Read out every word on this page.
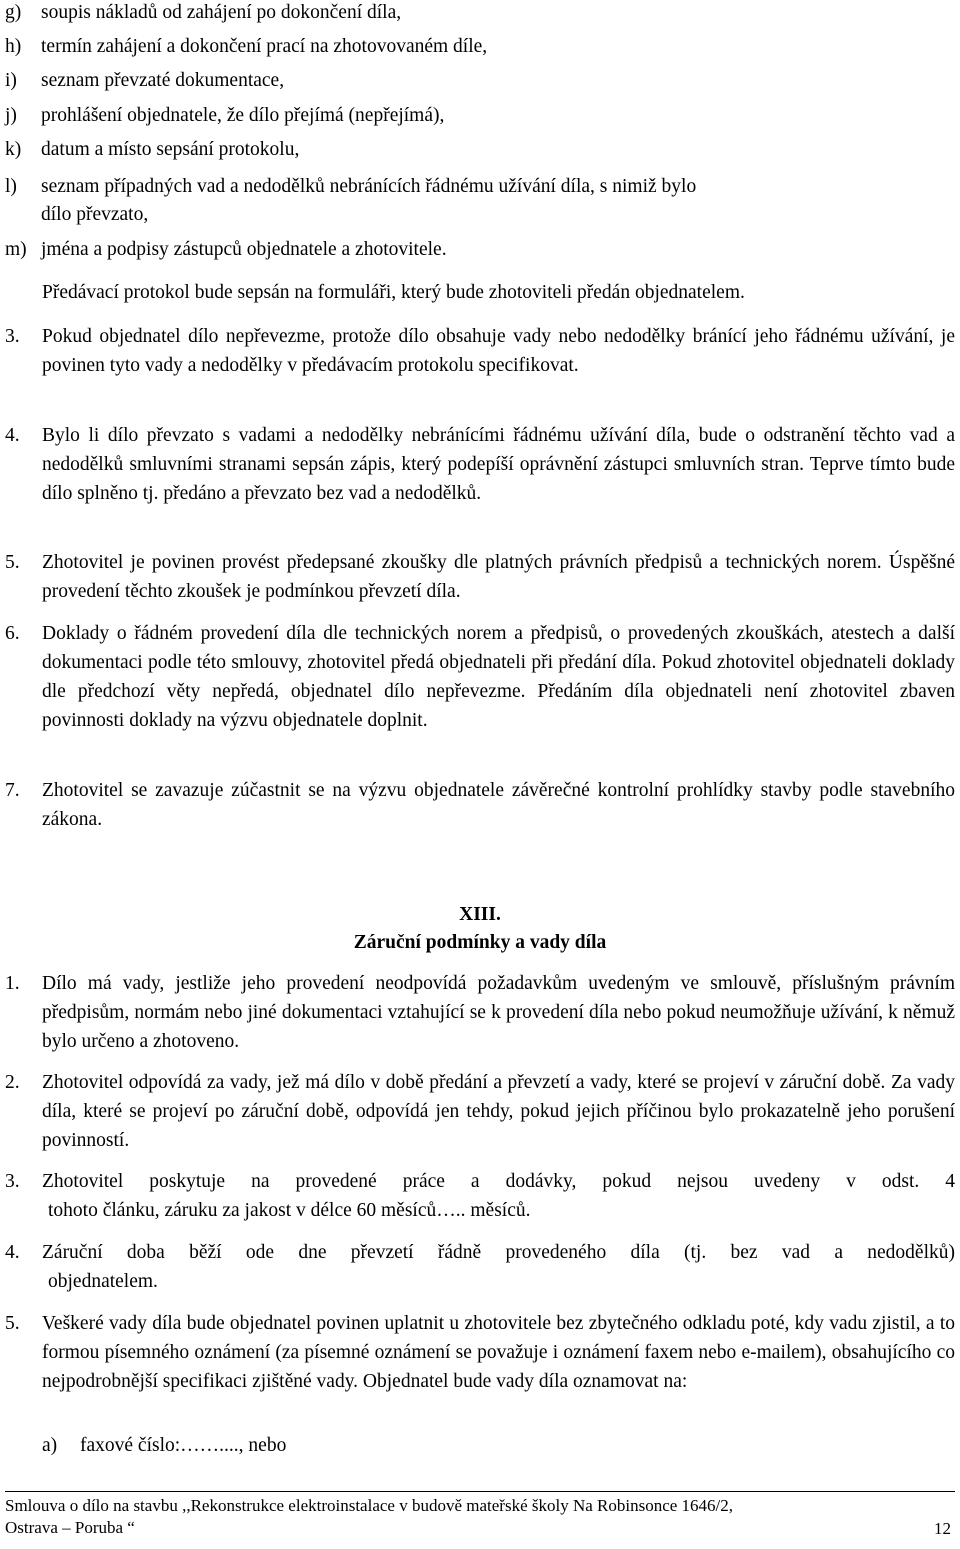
g) soupis nákladů od zahájení po dokončení díla,
h) termín zahájení a dokončení prací na zhotovovaném díle,
i) seznam převzaté dokumentace,
j) prohlášení objednatele, že dílo přejímá (nepřejímá),
k) datum a místo sepsání protokolu,
l) seznam případných vad a nedodělků nebránících řádnému užívání díla, s nimiž bylo
dílo převzato,
m) jména a podpisy zástupců objednatele a zhotovitele.
Předávací protokol bude sepsán na formuláři, který bude zhotoviteli předán objednatelem.
3. Pokud objednatel dílo nepřevezme, protože dílo obsahuje vady nebo nedodělky bránící jeho řádnému užívání, je povinen tyto vady a nedodělky v předávacím protokolu specifikovat.
4. Bylo li dílo převzato s vadami a nedodělky nebránícími řádnému užívání díla, bude o odstranění těchto vad a nedodělků smluvními stranami sepsán zápis, který podepíší oprávnění zástupci smluvních stran. Teprve tímto bude dílo splněno tj. předáno a převzato bez vad a nedodělků.
5. Zhotovitel je povinen provést předepsané zkoušky dle platných právních předpisů a technických norem. Úspěšné provedení těchto zkoušek je podmínkou převzetí díla.
6. Doklady o řádném provedení díla dle technických norem a předpisů, o provedených zkouškách, atestech a další dokumentaci podle této smlouvy, zhotovitel předá objednateli při předání díla. Pokud zhotovitel objednateli doklady dle předchozí věty nepředá, objednatel dílo nepřevezme. Předáním díla objednateli není zhotovitel zbaven povinnosti doklady na výzvu objednatele doplnit.
7. Zhotovitel se zavazuje zúčastnit se na výzvu objednatele závěrečné kontrolní prohlídky stavby podle stavebního zákona.
XIII.
Záruční podmínky a vady díla
1. Dílo má vady, jestliže jeho provedení neodpovídá požadavkům uvedeným ve smlouvě, příslušným právním předpisům, normám nebo jiné dokumentaci vztahující se k provedení díla nebo pokud neumožňuje užívání, k němuž bylo určeno a zhotoveno.
2. Zhotovitel odpovídá za vady, jež má dílo v době předání a převzetí a vady, které se projeví v záruční době. Za vady díla, které se projeví po záruční době, odpovídá jen tehdy, pokud jejich příčinou bylo prokazatelně jeho porušení povinností.
3. Zhotovitel poskytuje na provedené práce a dodávky, pokud nejsou uvedeny v odst. 4
tohoto článku, záruku za jakost v délce 60 měsíců….. měsíců.
4. Záruční doba běží ode dne převzetí řádně provedeného díla (tj. bez vad a nedodělků)
objednatelem.
5. Veškeré vady díla bude objednatel povinen uplatnit u zhotovitele bez zbytečného odkladu poté, kdy vadu zjistil, a to formou písemného oznámení (za písemné oznámení se považuje i oznámení faxem nebo e-mailem), obsahujícího co nejpodrobnější specifikaci zjištěné vady. Objednatel bude vady díla oznamovat na:
a) faxové číslo:……...., nebo
Smlouva o dílo na stavbu ,,Rekonstrukce elektroinstalace v budově mateřské školy Na Robinsonce 1646/2,
Ostrava – Poruba “	12
